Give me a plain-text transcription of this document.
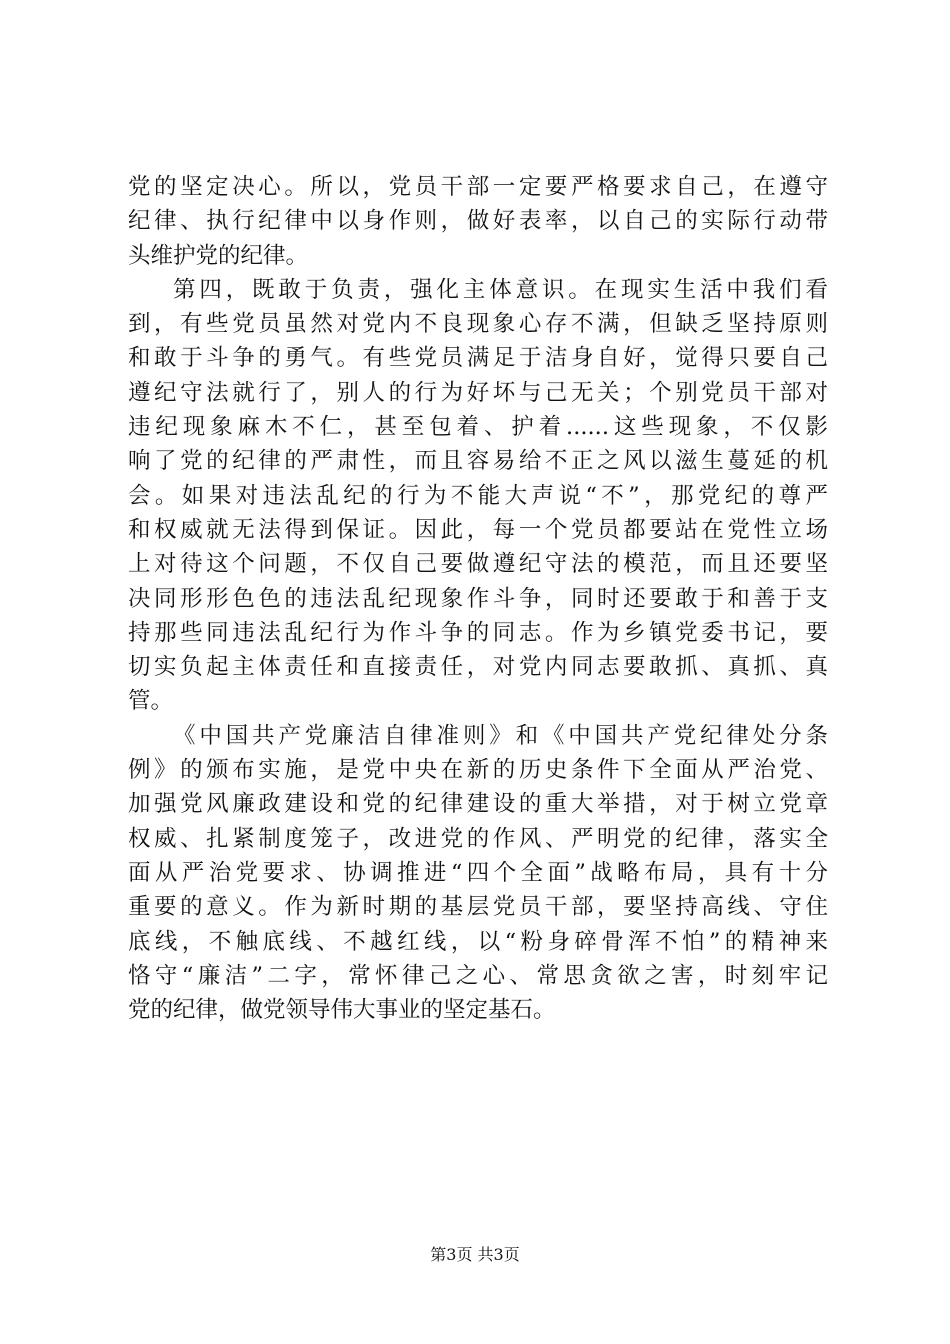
党的坚定决心。所以，党员干部一定要严格要求自己，在遵守
纪律、执行纪律中以身作则，做好表率，以自己的实际行动带
头维护党的纪律。
第四，既敢于负责，强化主体意识。在现实生活中我们看
到，有些党员虽然对党内不良现象心存不满，但缺乏坚持原则
和敢于斗争的勇气。有些党员满足于洁身自好，觉得只要自己
遵纪守法就行了，别人的行为好坏与己无关；个别党员干部对
违纪现象麻木不仁，甚至包着、护着......这些现象，不仅影
响了党的纪律的严肃性，而且容易给不正之风以滋生蔓延的机
会。如果对违法乱纪的行为不能大声说“不”，那党纪的尊严
和权威就无法得到保证。因此，每一个党员都要站在党性立场
上对待这个问题，不仅自己要做遵纪守法的模范，而且还要坚
决同形形色色的违法乱纪现象作斗争，同时还要敢于和善于支
持那些同违法乱纪行为作斗争的同志。作为乡镇党委书记，要
切实负起主体责任和直接责任，对党内同志要敢抓、真抓、真
管。
《中国共产党廉洁自律准则》和《中国共产党纪律处分条
例》的颁布实施，是党中央在新的历史条件下全面从严治党、
加强党风廉政建设和党的纪律建设的重大举措，对于树立党章
权威、扎紧制度笼子，改进党的作风、严明党的纪律，落实全
面从严治党要求、协调推进“四个全面”战略布局，具有十分
重要的意义。作为新时期的基层党员干部，要坚持高线、守住
底线，不触底线、不越红线，以“粉身碎骨浑不怕”的精神来
恪守“廉洁”二字，常怀律己之心、常思贪欲之害，时刻牢记
党的纪律，做党领导伟大事业的坚定基石。
第3页 共3页
